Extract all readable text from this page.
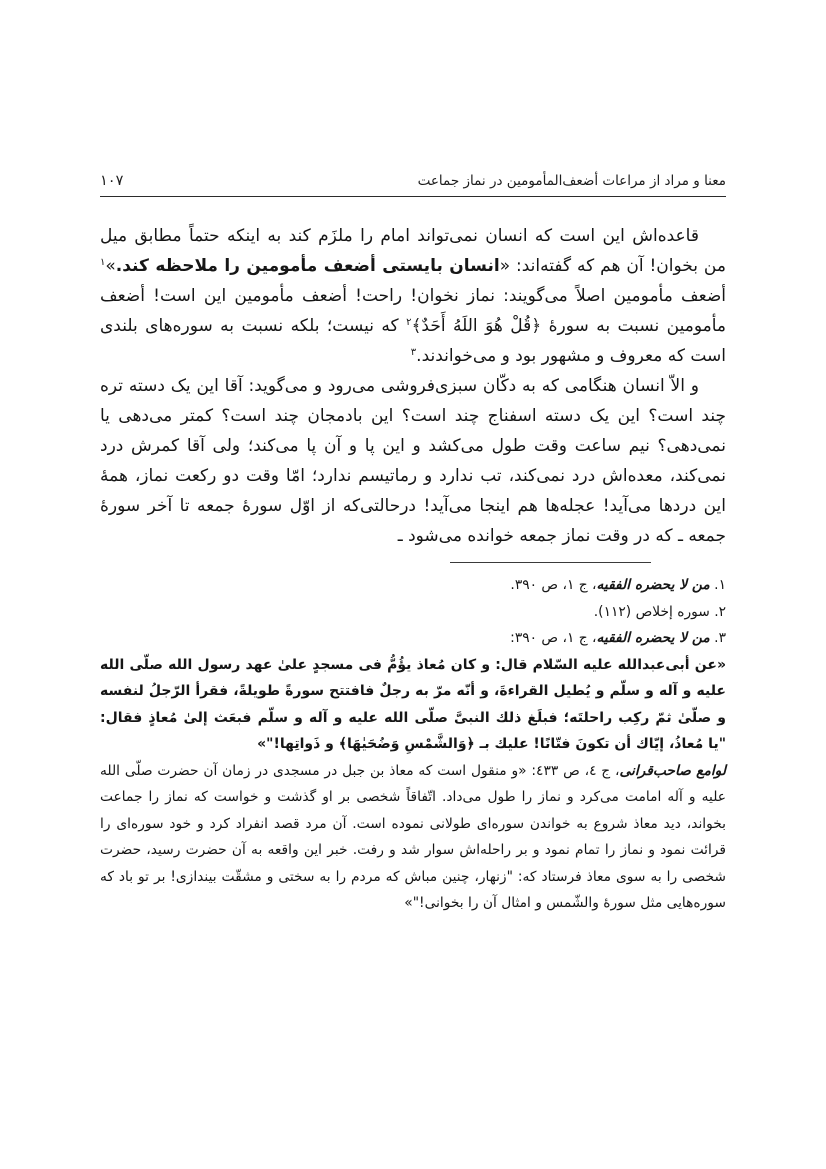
معنا و مراد از مراعات أضعف‌المأمومین در نماز جماعت
۱۰۷

قاعده‌اش این است که انسان نمی‌تواند امام را ملزَم کند به اینکه حتماً مطابق میل من بخوان! آن هم که گفته‌اند: «انسان بایستی أضعف مأمومین را ملاحظه کند.»$^۱$ أضعف مأمومین اصلاً می‌گویند: نماز نخوان! راحت! أضعف مأمومین این است! أضعف مأمومین نسبت به سورهٔ ﴿قُلْ هُوَ اللَهُ أَحَدٌ﴾$^۲$ که نیست؛ بلکه نسبت به سوره‌های بلندی است که معروف و مشهور بود و می‌خواندند.$^۳$

و الاّ انسان هنگامی که به دکّان سبزی‌فروشی می‌رود و می‌گوید: آقا این یک دسته تره چند است؟ این یک دسته اسفناج چند است؟ این بادمجان چند است؟ کمتر می‌دهی یا نمی‌دهی؟ نیم ساعت وقت طول می‌کشد و این پا و آن پا می‌کند؛ ولی آقا کمرش درد نمی‌کند، معده‌اش درد نمی‌کند، تب ندارد و رماتیسم ندارد؛ امّا وقت دو رکعت نماز، همهٔ این دردها می‌آید! عجله‌ها هم اینجا می‌آید! درحالتی‌که از اوّل سورهٔ جمعه تا آخر سورهٔ جمعه ـ که در وقت نماز جمعه خوانده می‌شود ـ

۱. من لا یحضره الفقیه، ج ۱، ص ۳۹۰.

۲. سوره إخلاص (۱۱۲).

۳. من لا یحضره الفقیه، ج ۱، ص ۳۹۰:

«عن أبی‌عبدالله علیه السّلام قال: و کان مُعاذ یؤُمُّ فی مسجدٍ علیٰ عهد رسول الله صلّی الله علیه و آله و سلّم و یُطیل القراءةَ، و أنّه مرّ به رجلٌ فافتتح سورةً طویلةً، فقرأ الرّجلُ لنفسه و صلّیٰ ثمّ رکِب راحلتَه؛ فبلَغ ذلك النبیَّ صلّی الله علیه و آله و سلّم فبعَث إلیٰ مُعاذٍ فقال: "یا مُعاذُ، إیّاك أن تکونَ فتّانًا! علیك بـ ﴿وَالشَّمْسِ وَضُحَیٰهَا﴾ و ذَواتِها!"»

لوامع صاحب‌قرانی، ج ٤، ص ٤٣٣: «و منقول است که معاذ بن جبل در مسجدی در زمان آن حضرت صلّی الله علیه و آله امامت می‌کرد و نماز را طول می‌داد. اتّفاقاً شخصی بر او گذشت و خواست که نماز را جماعت بخواند، دید معاذ شروع به خواندن سوره‌ای طولانی نموده است. آن مرد قصد انفراد کرد و خود سوره‌ای را قرائت نمود و نماز را تمام نمود و بر راحله‌اش سوار شد و رفت. خبر این واقعه به آن حضرت رسید، حضرت شخصی را به سوی معاذ فرستاد که: "زنهار، چنین مباش که مردم را به سختی و مشقّت بیندازی! بر تو باد که سوره‌هایی مثل سورهٔ والشّمس و امثال آن را بخوانی!"»
